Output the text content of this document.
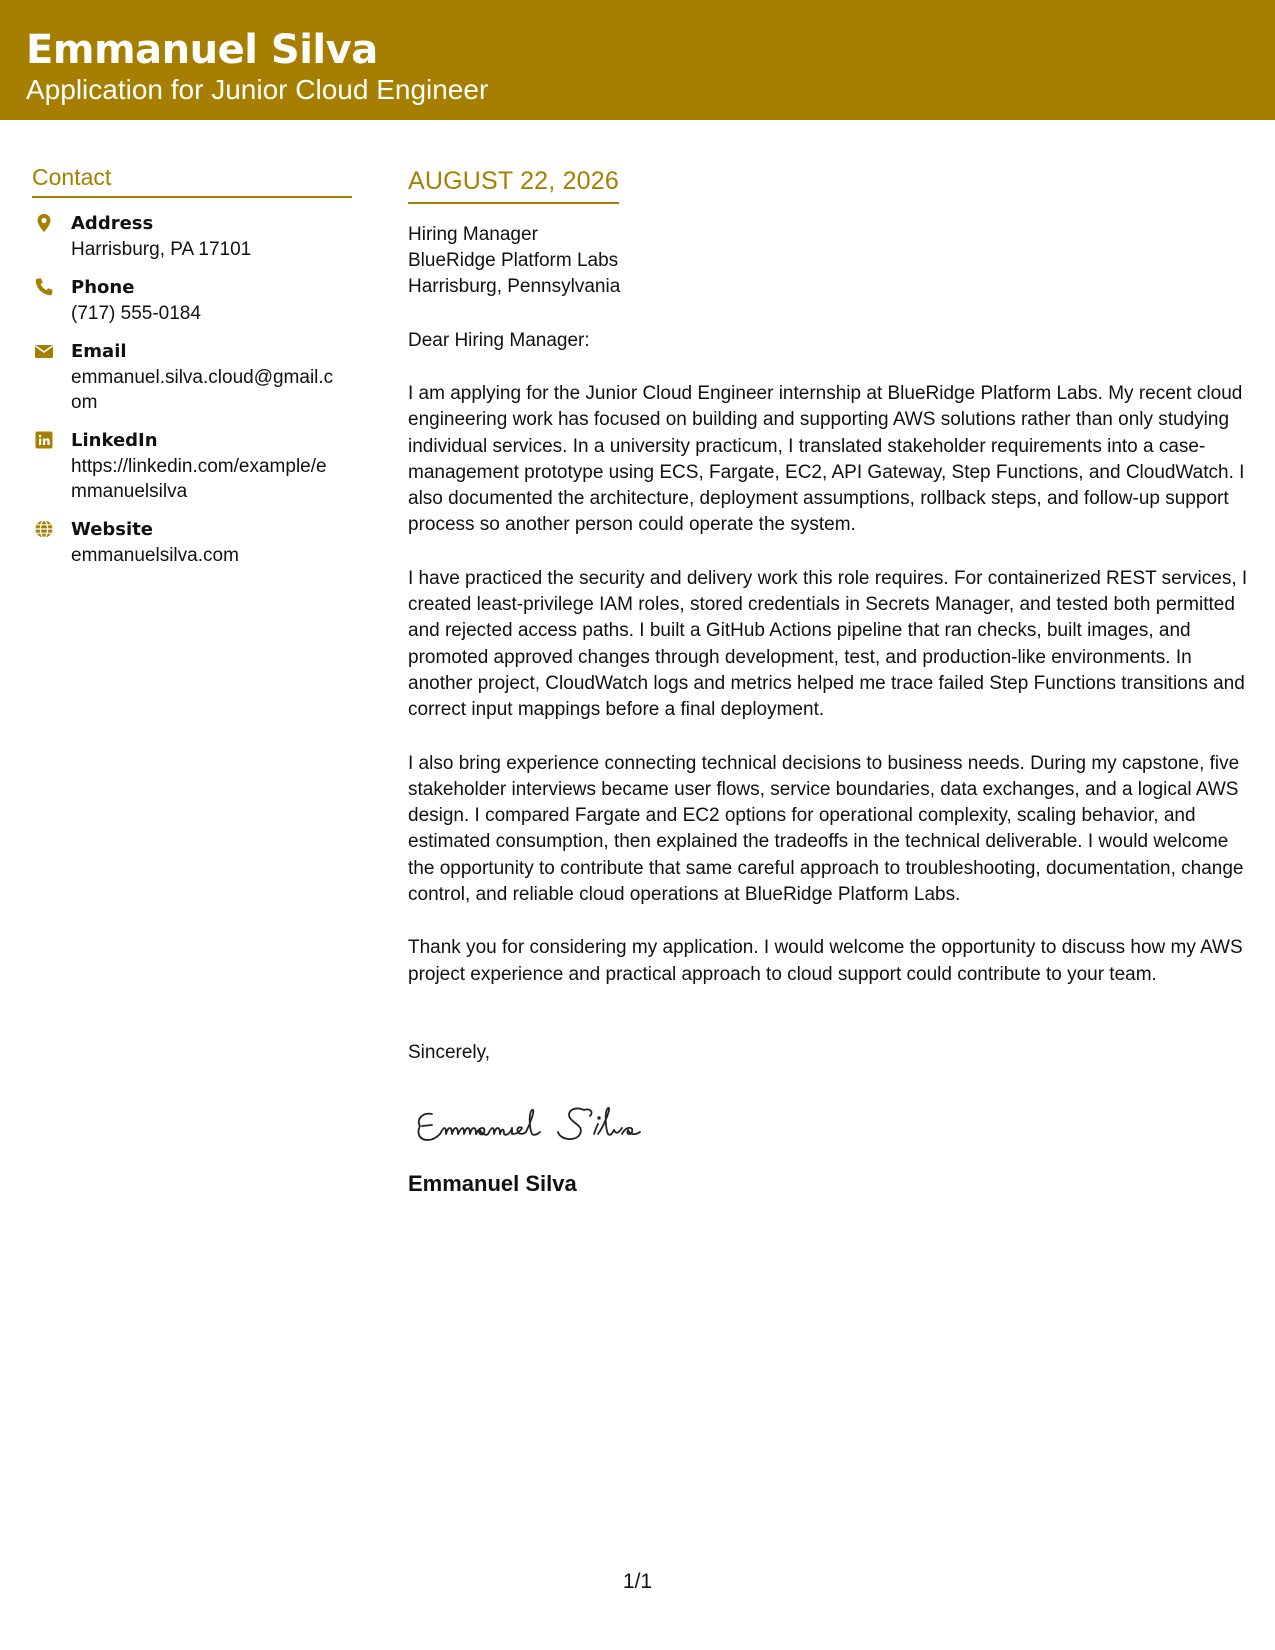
Emmanuel Silva
Application for Junior Cloud Engineer
Contact
Address
Harrisburg, PA 17101
Phone
(717) 555-0184
Email
emmanuel.silva.cloud@gmail.com
LinkedIn
https://linkedin.com/example/emmanuelsilva
Website
emmanuelsilva.com
AUGUST 22, 2026
Hiring Manager
BlueRidge Platform Labs
Harrisburg, Pennsylvania
Dear Hiring Manager:
I am applying for the Junior Cloud Engineer internship at BlueRidge Platform Labs. My recent cloud engineering work has focused on building and supporting AWS solutions rather than only studying individual services. In a university practicum, I translated stakeholder requirements into a case-management prototype using ECS, Fargate, EC2, API Gateway, Step Functions, and CloudWatch. I also documented the architecture, deployment assumptions, rollback steps, and follow-up support process so another person could operate the system.
I have practiced the security and delivery work this role requires. For containerized REST services, I created least-privilege IAM roles, stored credentials in Secrets Manager, and tested both permitted and rejected access paths. I built a GitHub Actions pipeline that ran checks, built images, and promoted approved changes through development, test, and production-like environments. In another project, CloudWatch logs and metrics helped me trace failed Step Functions transitions and correct input mappings before a final deployment.
I also bring experience connecting technical decisions to business needs. During my capstone, five stakeholder interviews became user flows, service boundaries, data exchanges, and a logical AWS design. I compared Fargate and EC2 options for operational complexity, scaling behavior, and estimated consumption, then explained the tradeoffs in the technical deliverable. I would welcome the opportunity to contribute that same careful approach to troubleshooting, documentation, change control, and reliable cloud operations at BlueRidge Platform Labs.
Thank you for considering my application. I would welcome the opportunity to discuss how my AWS project experience and practical approach to cloud support could contribute to your team.
Sincerely,
Emmanuel Silva
1/1
